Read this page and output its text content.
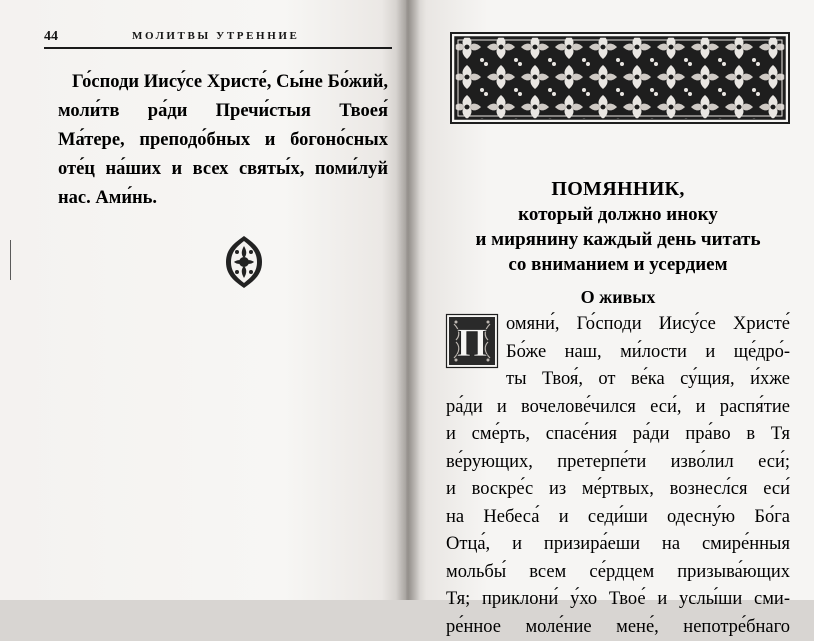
44	МОЛИТВЫ УТРЕННИЕ

Го́споди Иису́се Христе́, Сы́не Бо́жий, моли́тв ра́ди Пречи́стыя Твоея́ Ма́тере, преподо́бных и богоно́сных оте́ц на́ших и всех святы́х, поми́луй нас. Ами́нь.	ПОМЯННИК,
который должно иноку
и мирянину каждый день читать
со вниманием и усердием
О живых
П омяни́, Го́споди Иису́се Христе́
Бо́же наш, ми́лости и ще́дро́-
ты Твоя́, от ве́ка су́щия, и́хже
ра́ди и вочелове́чился еси́, и распя́тие
и сме́рть, спасе́ния ра́ди пра́во в Тя
ве́рующих, претерпе́ти изво́лил еси́;
и воскре́с из ме́ртвых, вознесл́ся еси́
на Небеса́ и седи́ши одесну́ю Бо́га
Отца́, и призира́еши на смире́нныя
мольбы́ всем се́рдцем призыва́ющих
Тя; приклони́ у́хо Твое́ и услы́ши сми-
ре́нное моле́ние мене́, непотре́бнаго
